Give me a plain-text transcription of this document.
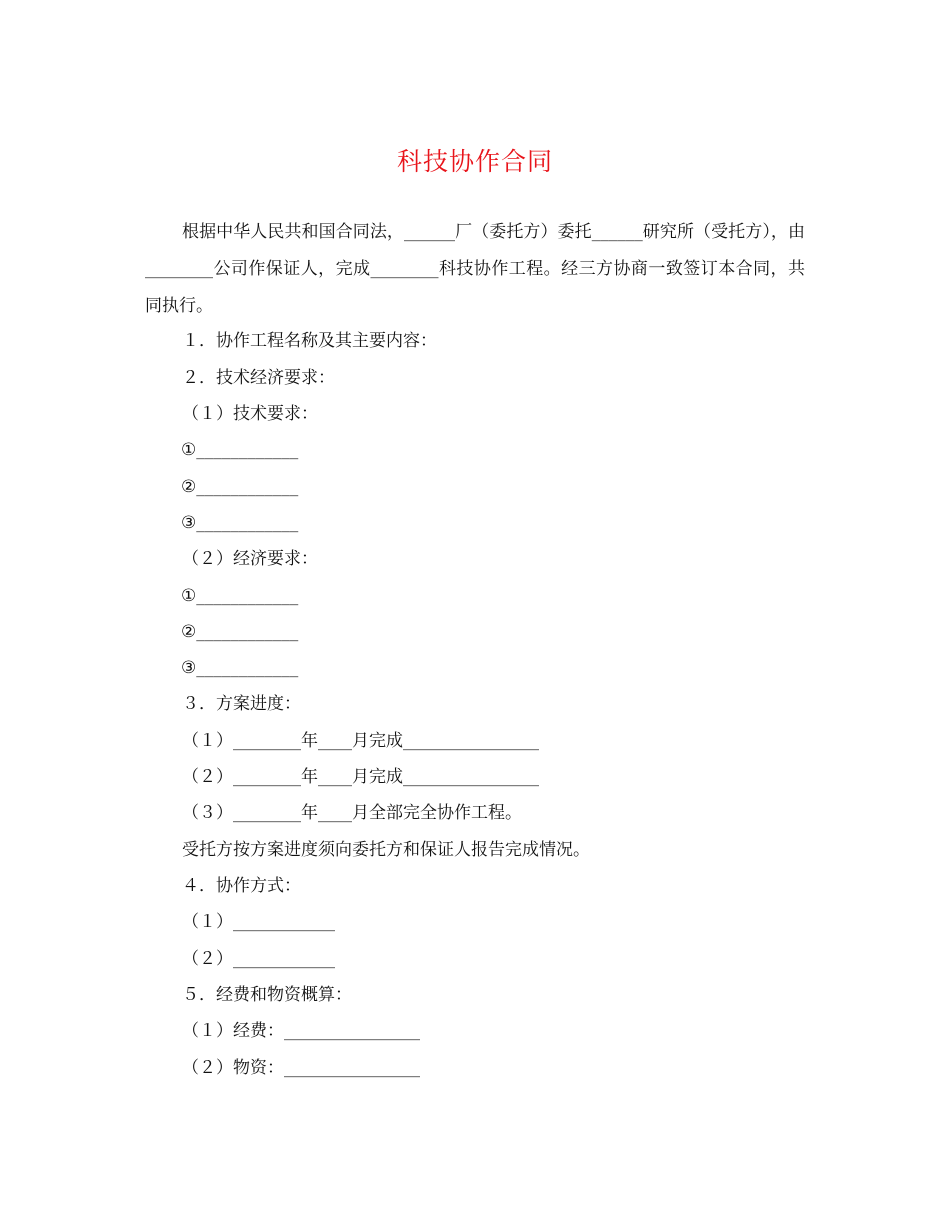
科技协作合同

根据中华人民共和国合同法，______厂（委托方）委托______研究所（受托方），由________公司作保证人，完成________科技协作工程。经三方协商一致签订本合同，共同执行。

１．协作工程名称及其主要内容：
２．技术经济要求：
（１）技术要求：
①____________
②____________
③____________
（２）经济要求：
①____________
②____________
③____________
３．方案进度：
（１）________年____月完成________________
（２）________年____月完成________________
（３）________年____月全部完全协作工程。
受托方按方案进度须向委托方和保证人报告完成情况。
４．协作方式：
（１）____________
（２）____________
５．经费和物资概算：
（１）经费：________________
（２）物资：________________
